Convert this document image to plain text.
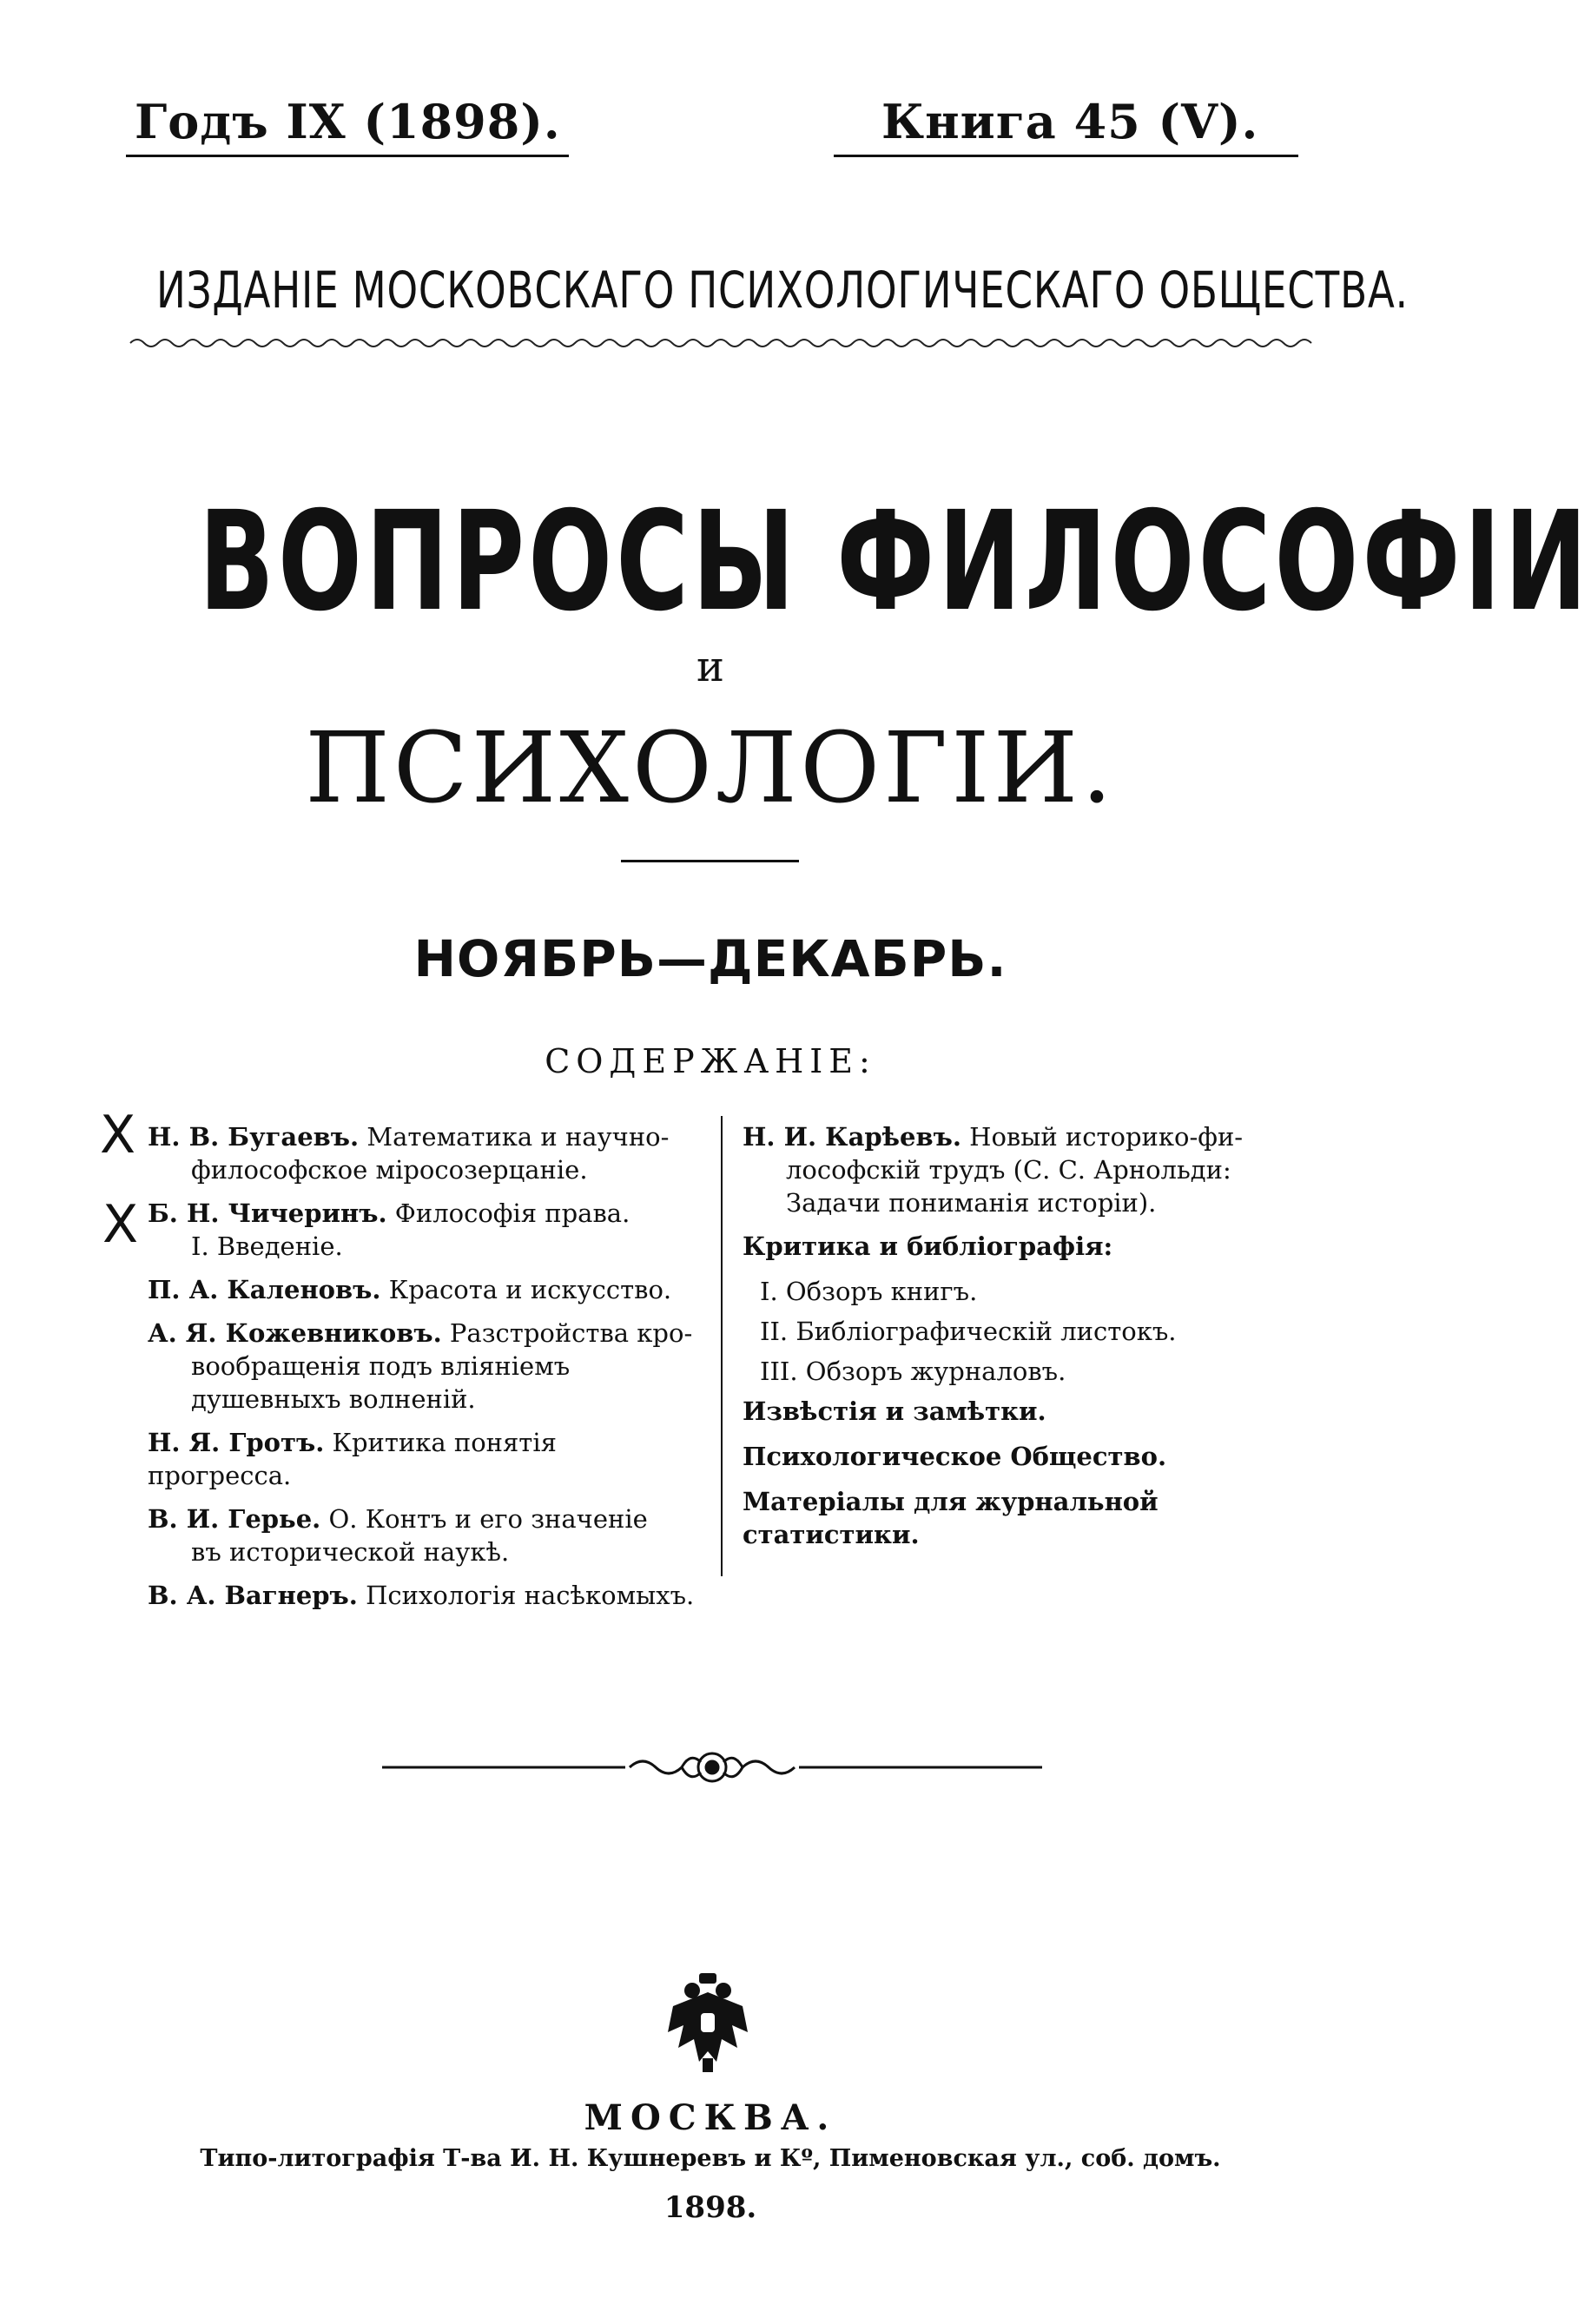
Годъ IX (1898).	Книга 45 (V).
ИЗДАНІЕ МОСКОВСКАГО ПСИХОЛОГИЧЕСКАГО ОБЩЕСТВА.
ВОПРОСЫ ФИЛОСОФІИ
и
ПСИХОЛОГІИ.
НОЯБРЬ—ДЕКАБРЬ.
СОДЕРЖАНІЕ:
Н. В. Бугаевъ. Математика и научно-
философское міросозерцаніе.
Б. Н. Чичеринъ. Философія права.
І. Введеніе.
П. А. Каленовъ. Красота и искусство.
А. Я. Кожевниковъ. Разстройства кро-
вообращенія подъ вліяніемъ душевныхъ волненій.
Н. Я. Гротъ. Критика понятія прогресса.
В. И. Герье. О. Контъ и его значеніе
въ исторической наукѣ.
В. А. Вагнеръ. Психологія насѣкомыхъ.
Н. И. Карѣевъ. Новый историко-фи-
лософскій трудъ (С. С. Арнольди: Задачи пониманія исторіи).
Критика и библіографія:
І. Обзоръ книгъ.
ІІ. Библіографическій листокъ.
ІІІ. Обзоръ журналовъ.
Извѣстія и замѣтки.
Психологическое Общество.
Матеріалы для журнальной статистики.
X
X
МОСКВА.
Типо-литографія Т-ва И. Н. Кушнеревъ и Кº, Пименовская ул., соб. домъ.
1898.
